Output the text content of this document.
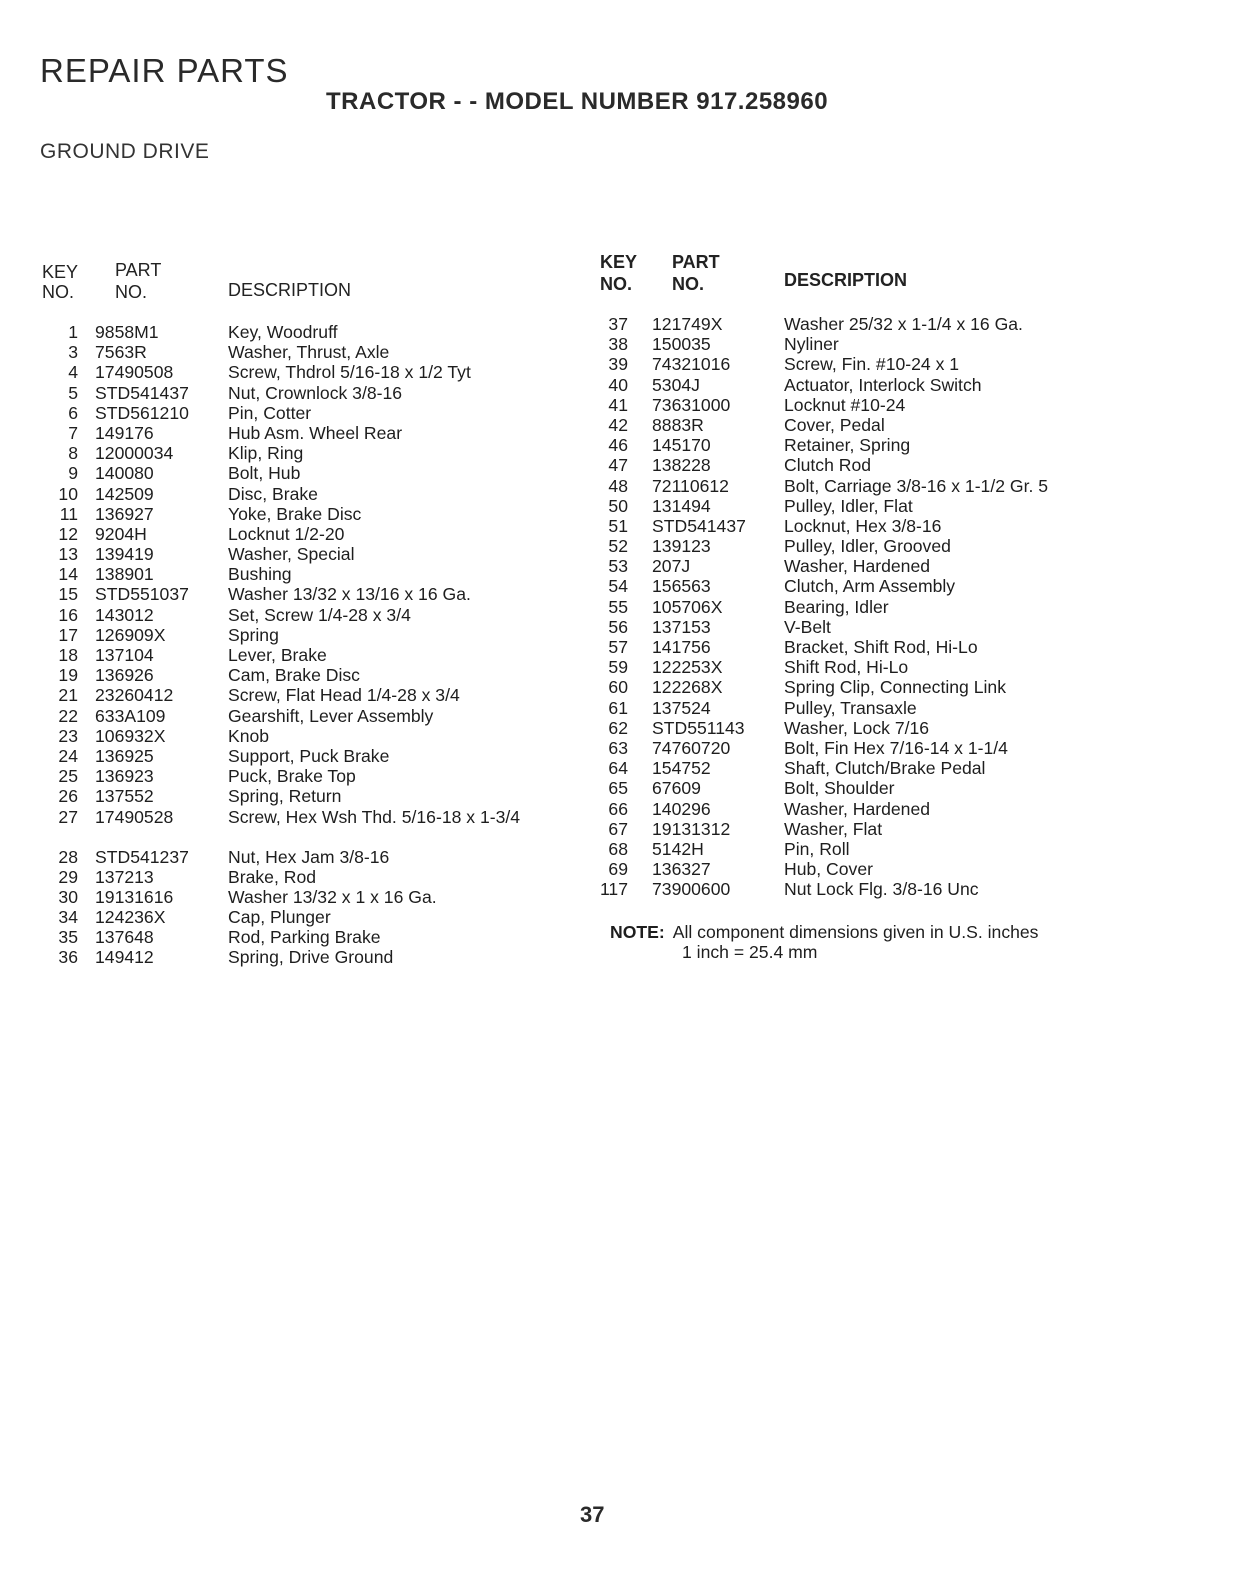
REPAIR PARTS
TRACTOR - - MODEL NUMBER 917.258960
GROUND DRIVE
KEY
NO.
PART
NO.	DESCRIPTION
1 9858M1	Key, Woodruff
3 7563R	Washer, Thrust, Axle
4 17490508	Screw, Thdrol 5/16-18 x 1/2 Tyt
5 STD541437 Nut, Crownlock 3/8-16
6 STD561210 Pin, Cotter
7 149176	Hub Asm. Wheel Rear
8 12000034	Klip, Ring
9 140080	Bolt, Hub
10 142509	Disc, Brake
11 136927	Yoke, Brake Disc
12 9204H	Locknut 1/2-20
13 139419	Washer, Special
14 138901	Bushing
15 STD551037 Washer 13/32 x 13/16 x 16 Ga.
16 143012	Set, Screw 1/4-28 x 3/4
17 126909X	Spring
18 137104	Lever, Brake
19 136926	Cam, Brake Disc
21 23260412	Screw, Flat Head 1/4-28 x 3/4
22 633A109	Gearshift, Lever Assembly
23 106932X	Knob
24 136925	Support, Puck Brake
25 136923	Puck, Brake Top
26 137552	Spring, Return
27 17490528	Screw, Hex Wsh Thd. 5/16-18 x 1-3/4
28 STD541237 Nut, Hex Jam 3/8-16
29 137213	Brake, Rod
30 19131616	Washer 13/32 x 1 x 16 Ga.
34 124236X	Cap, Plunger
35 137648	Rod, Parking Brake
36 149412	Spring, Drive Ground
KEY
NO.
PART
NO.	DESCRIPTION
37 121749X	Washer 25/32 x 1-1/4 x 16 Ga.
38 150035	Nyliner
39 74321016	Screw, Fin. #10-24 x 1
40 5304J	Actuator, Interlock Switch
41 73631000	Locknut #10-24
42 8883R	Cover, Pedal
46 145170	Retainer, Spring
47 138228	Clutch Rod
48 72110612	Bolt, Carriage 3/8-16 x 1-1/2 Gr. 5
50 131494	Pulley, Idler, Flat
51 STD541437 Locknut, Hex 3/8-16
52 139123	Pulley, Idler, Grooved
53 207J	Washer, Hardened
54 156563	Clutch, Arm Assembly
55 105706X	Bearing, Idler
56 137153	V-Belt
57 141756	Bracket, Shift Rod, Hi-Lo
59 122253X	Shift Rod, Hi-Lo
60 122268X	Spring Clip, Connecting Link
61 137524	Pulley, Transaxle
62 STD551143 Washer, Lock 7/16
63 74760720	Bolt, Fin Hex 7/16-14 x 1-1/4
64 154752	Shaft, Clutch/Brake Pedal
65 67609	Bolt, Shoulder
66 140296	Washer, Hardened
67 19131312	Washer, Flat
68 5142H	Pin, Roll
69 136327	Hub, Cover
117 73900600	Nut Lock Flg. 3/8-16 Unc
NOTE: All component dimensions given in U.S. inches
1 inch = 25.4 mm
37
